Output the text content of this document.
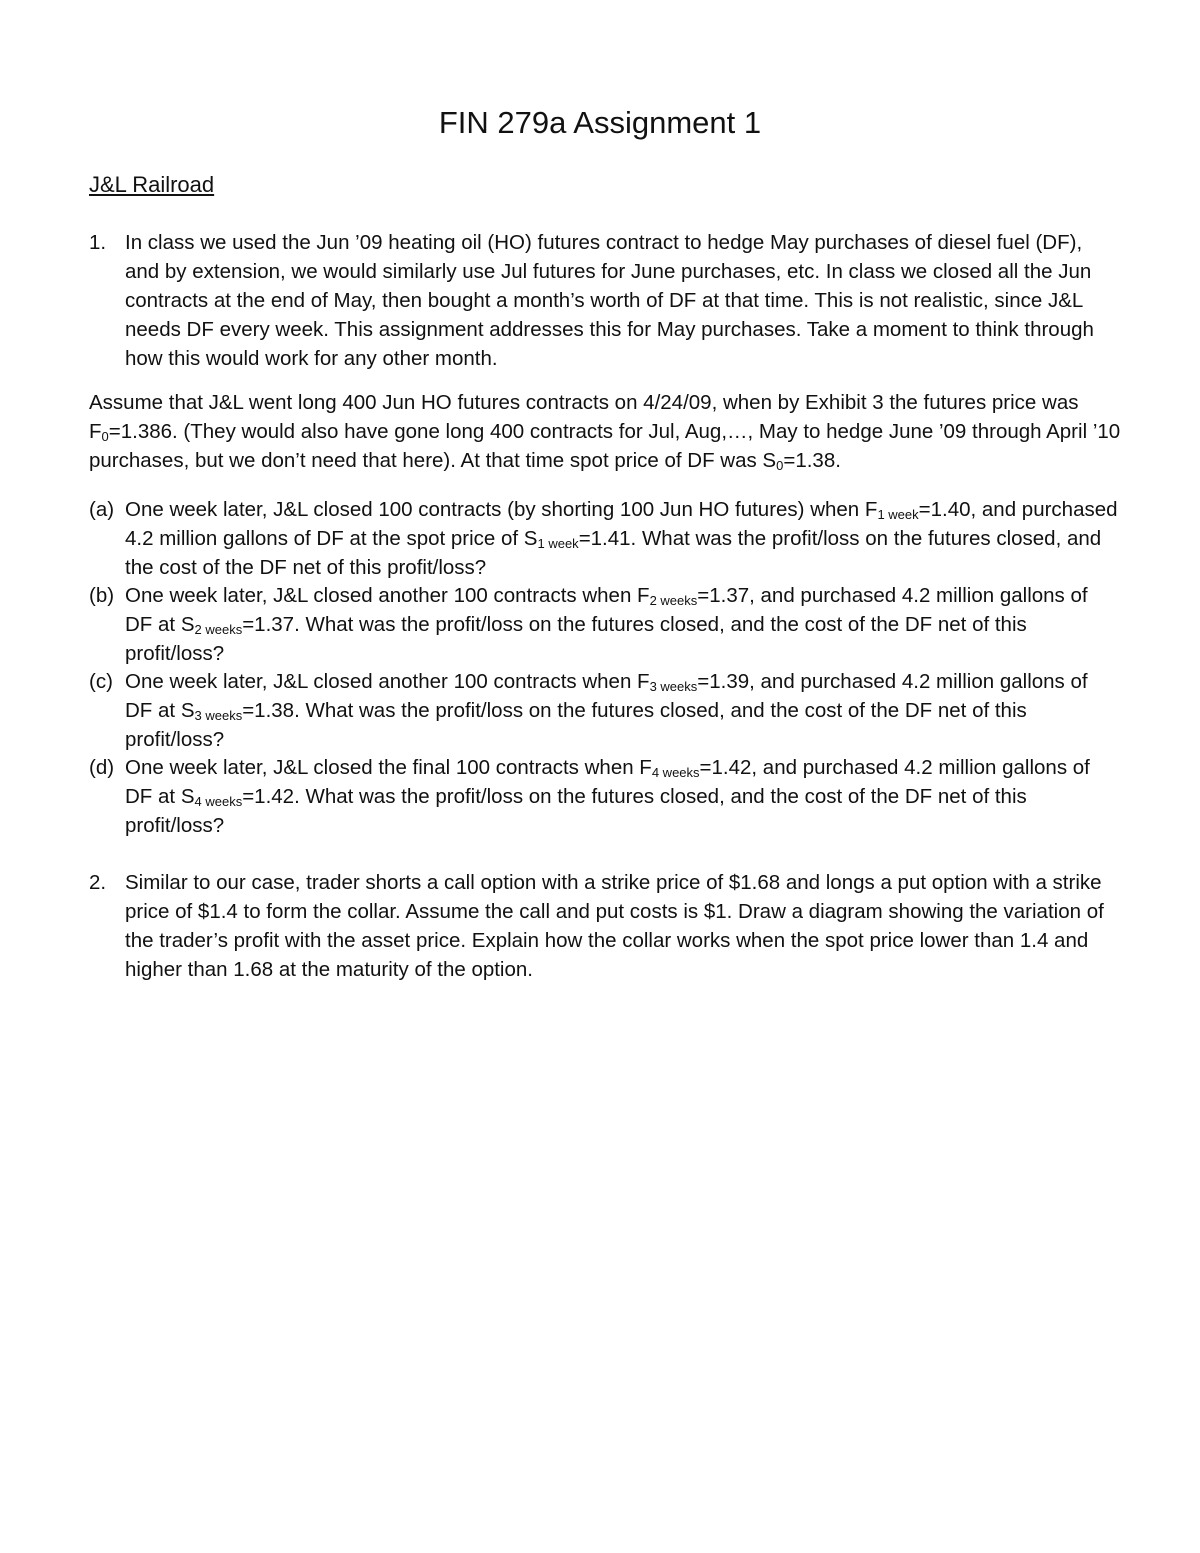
FIN 279a Assignment 1
J&L Railroad
1. In class we used the Jun ’09 heating oil (HO) futures contract to hedge May purchases of diesel fuel (DF), and by extension, we would similarly use Jul futures for June purchases, etc. In class we closed all the Jun contracts at the end of May, then bought a month’s worth of DF at that time. This is not realistic, since J&L needs DF every week. This assignment addresses this for May purchases. Take a moment to think through how this would work for any other month.
Assume that J&L went long 400 Jun HO futures contracts on 4/24/09, when by Exhibit 3 the futures price was $F_0=1.386$. (They would also have gone long 400 contracts for Jul, Aug,…, May to hedge June ’09 through April ’10 purchases, but we don’t need that here). At that time spot price of DF was $S_0=1.38$.
(a) One week later, J&L closed 100 contracts (by shorting 100 Jun HO futures) when $F_{1 week}=1.40$, and purchased 4.2 million gallons of DF at the spot price of $S_{1 week}=1.41$. What was the profit/loss on the futures closed, and the cost of the DF net of this profit/loss?
(b) One week later, J&L closed another 100 contracts when $F_{2 weeks}=1.37$, and purchased 4.2 million gallons of DF at $S_{2 weeks}=1.37$. What was the profit/loss on the futures closed, and the cost of the DF net of this profit/loss?
(c) One week later, J&L closed another 100 contracts when $F_{3 weeks}=1.39$, and purchased 4.2 million gallons of DF at $S_{3 weeks}=1.38$. What was the profit/loss on the futures closed, and the cost of the DF net of this profit/loss?
(d) One week later, J&L closed the final 100 contracts when $F_{4 weeks}=1.42$, and purchased 4.2 million gallons of DF at $S_{4 weeks}=1.42$. What was the profit/loss on the futures closed, and the cost of the DF net of this profit/loss?
2. Similar to our case, trader shorts a call option with a strike price of $1.68 and longs a put option with a strike price of $1.4 to form the collar. Assume the call and put costs is $1. Draw a diagram showing the variation of the trader’s profit with the asset price. Explain how the collar works when the spot price lower than 1.4 and higher than 1.68 at the maturity of the option.
